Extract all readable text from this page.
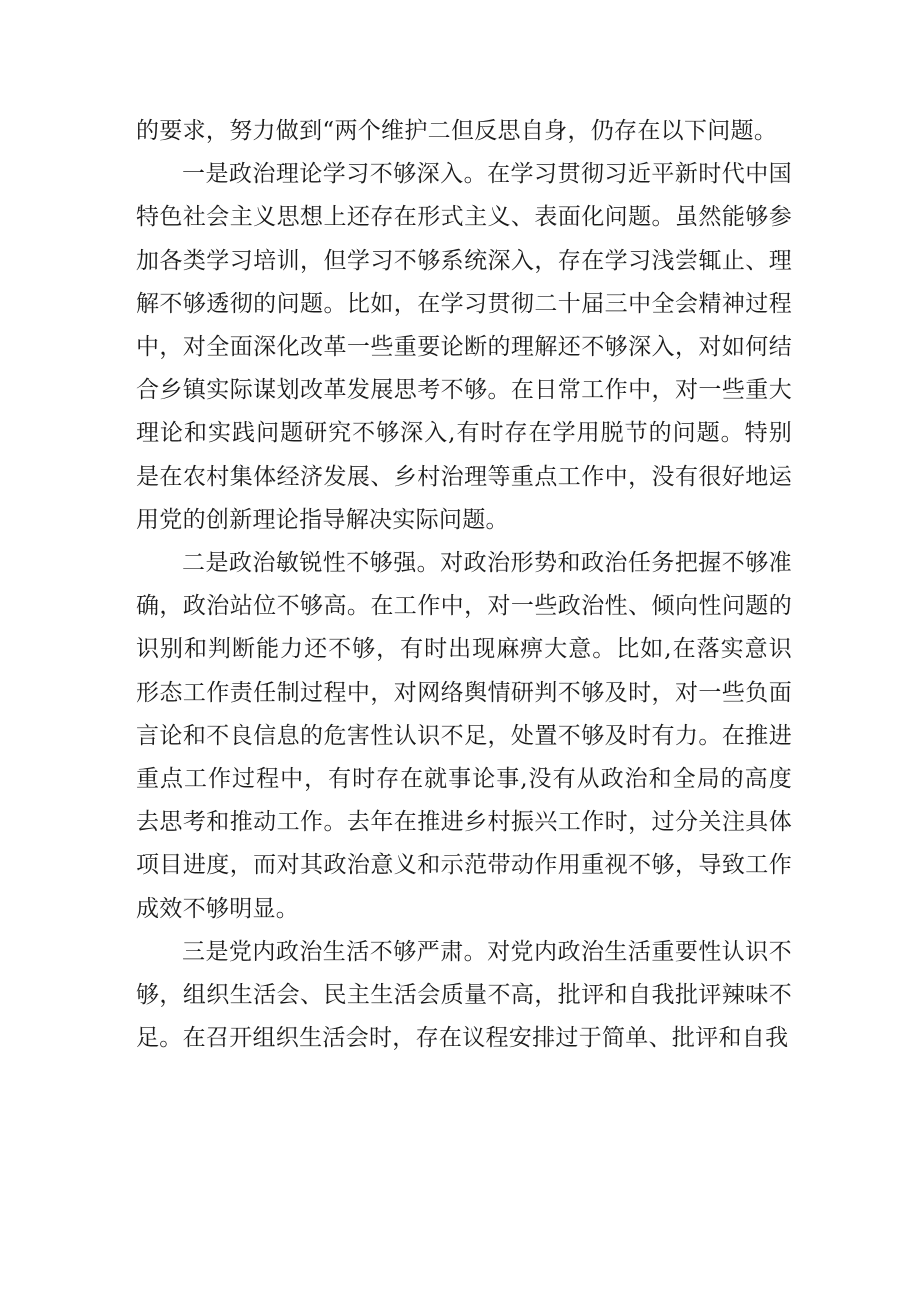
的要求，努力做到“两个维护二但反思自身，仍存在以下问题。

一是政治理论学习不够深入。在学习贯彻习近平新时代中国特色社会主义思想上还存在形式主义、表面化问题。虽然能够参加各类学习培训，但学习不够系统深入，存在学习浅尝辄止、理解不够透彻的问题。比如，在学习贯彻二十届三中全会精神过程中，对全面深化改革一些重要论断的理解还不够深入，对如何结合乡镇实际谋划改革发展思考不够。在日常工作中，对一些重大理论和实践问题研究不够深入,有时存在学用脱节的问题。特别是在农村集体经济发展、乡村治理等重点工作中，没有很好地运用党的创新理论指导解决实际问题。

二是政治敏锐性不够强。对政治形势和政治任务把握不够准确，政治站位不够高。在工作中，对一些政治性、倾向性问题的识别和判断能力还不够，有时出现麻痹大意。比如,在落实意识形态工作责任制过程中，对网络舆情研判不够及时，对一些负面言论和不良信息的危害性认识不足，处置不够及时有力。在推进重点工作过程中，有时存在就事论事,没有从政治和全局的高度去思考和推动工作。去年在推进乡村振兴工作时，过分关注具体项目进度，而对其政治意义和示范带动作用重视不够，导致工作成效不够明显。

三是党内政治生活不够严肃。对党内政治生活重要性认识不够，组织生活会、民主生活会质量不高，批评和自我批评辣味不足。在召开组织生活会时，存在议程安排过于简单、批评和自我
